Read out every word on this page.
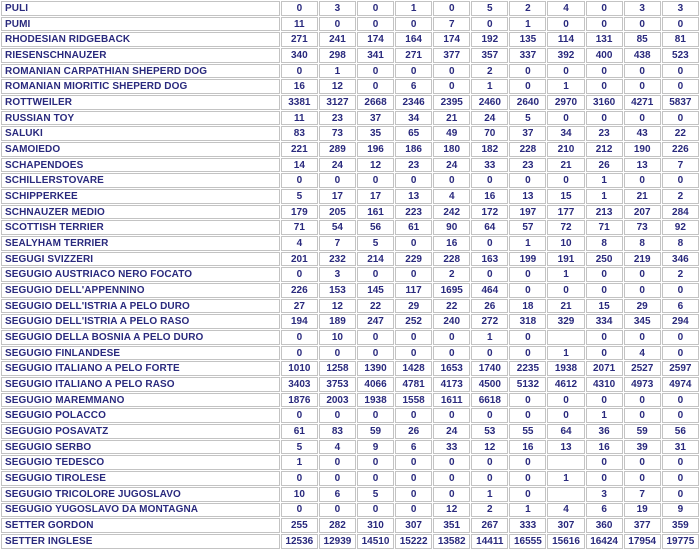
PULI	0	3	0	1	0	5	2	4	0	3	3
PUMI	11	0	0	0	7	0	1	0	0	0	0
RHODESIAN RIDGEBACK	271	241	174	164	174	192	135	114	131	85	81
RIESENSCHNAUZER	340	298	341	271	377	357	337	392	400	438	523
ROMANIAN CARPATHIAN SHEPERD DOG	0	1	0	0	0	2	0	0	0	0	0
ROMANIAN MIORITIC SHEPERD DOG	16	12	0	6	0	1	0	1	0	0	0
ROTTWEILER	3381	3127	2668	2346	2395	2460	2640	2970	3160	4271	5837
RUSSIAN TOY	11	23	37	34	21	24	5	0	0	0	0
SALUKI	83	73	35	65	49	70	37	34	23	43	22
SAMOIEDO	221	289	196	186	180	182	228	210	212	190	226
SCHAPENDOES	14	24	12	23	24	33	23	21	26	13	7
SCHILLERSTOVARE	0	0	0	0	0	0	0	0	1	0	0
SCHIPPERKEE	5	17	17	13	4	16	13	15	1	21	2
SCHNAUZER MEDIO	179	205	161	223	242	172	197	177	213	207	284
SCOTTISH TERRIER	71	54	56	61	90	64	57	72	71	73	92
SEALYHAM TERRIER	4	7	5	0	16	0	1	10	8	8	8
SEGUGI SVIZZERI	201	232	214	229	228	163	199	191	250	219	346
SEGUGIO AUSTRIACO NERO FOCATO	0	3	0	0	2	0	0	1	0	0	2
SEGUGIO DELL'APPENNINO	226	153	145	117	1695	464	0	0	0	0	0
SEGUGIO DELL'ISTRIA A PELO DURO	27	12	22	29	22	26	18	21	15	29	6
SEGUGIO DELL'ISTRIA A PELO RASO	194	189	247	252	240	272	318	329	334	345	294
SEGUGIO DELLA BOSNIA A PELO DURO	0	10	0	0	0	1	0		0	0	0
SEGUGIO FINLANDESE	0	0	0	0	0	0	0	1	0	4	0
SEGUGIO ITALIANO A PELO FORTE	1010	1258	1390	1428	1653	1740	2235	1938	2071	2527	2597
SEGUGIO ITALIANO A PELO RASO	3403	3753	4066	4781	4173	4500	5132	4612	4310	4973	4974
SEGUGIO MAREMMANO	1876	2003	1938	1558	1611	6618	0	0	0	0	0
SEGUGIO POLACCO	0	0	0	0	0	0	0	0	1	0	0
SEGUGIO POSAVATZ	61	83	59	26	24	53	55	64	36	59	56
SEGUGIO SERBO	5	4	9	6	33	12	16	13	16	39	31
SEGUGIO TEDESCO	1	0	0	0	0	0	0		0	0	0
SEGUGIO TIROLESE	0	0	0	0	0	0	0	1	0	0	0
SEGUGIO TRICOLORE JUGOSLAVO	10	6	5	0	0	1	0		3	7	0
SEGUGIO YUGOSLAVO DA MONTAGNA	0	0	0	0	12	2	1	4	6	19	9
SETTER GORDON	255	282	310	307	351	267	333	307	360	377	359
SETTER INGLESE	12536	12939	14510	15222	13582	14411	16555	15616	16424	17954	19775
